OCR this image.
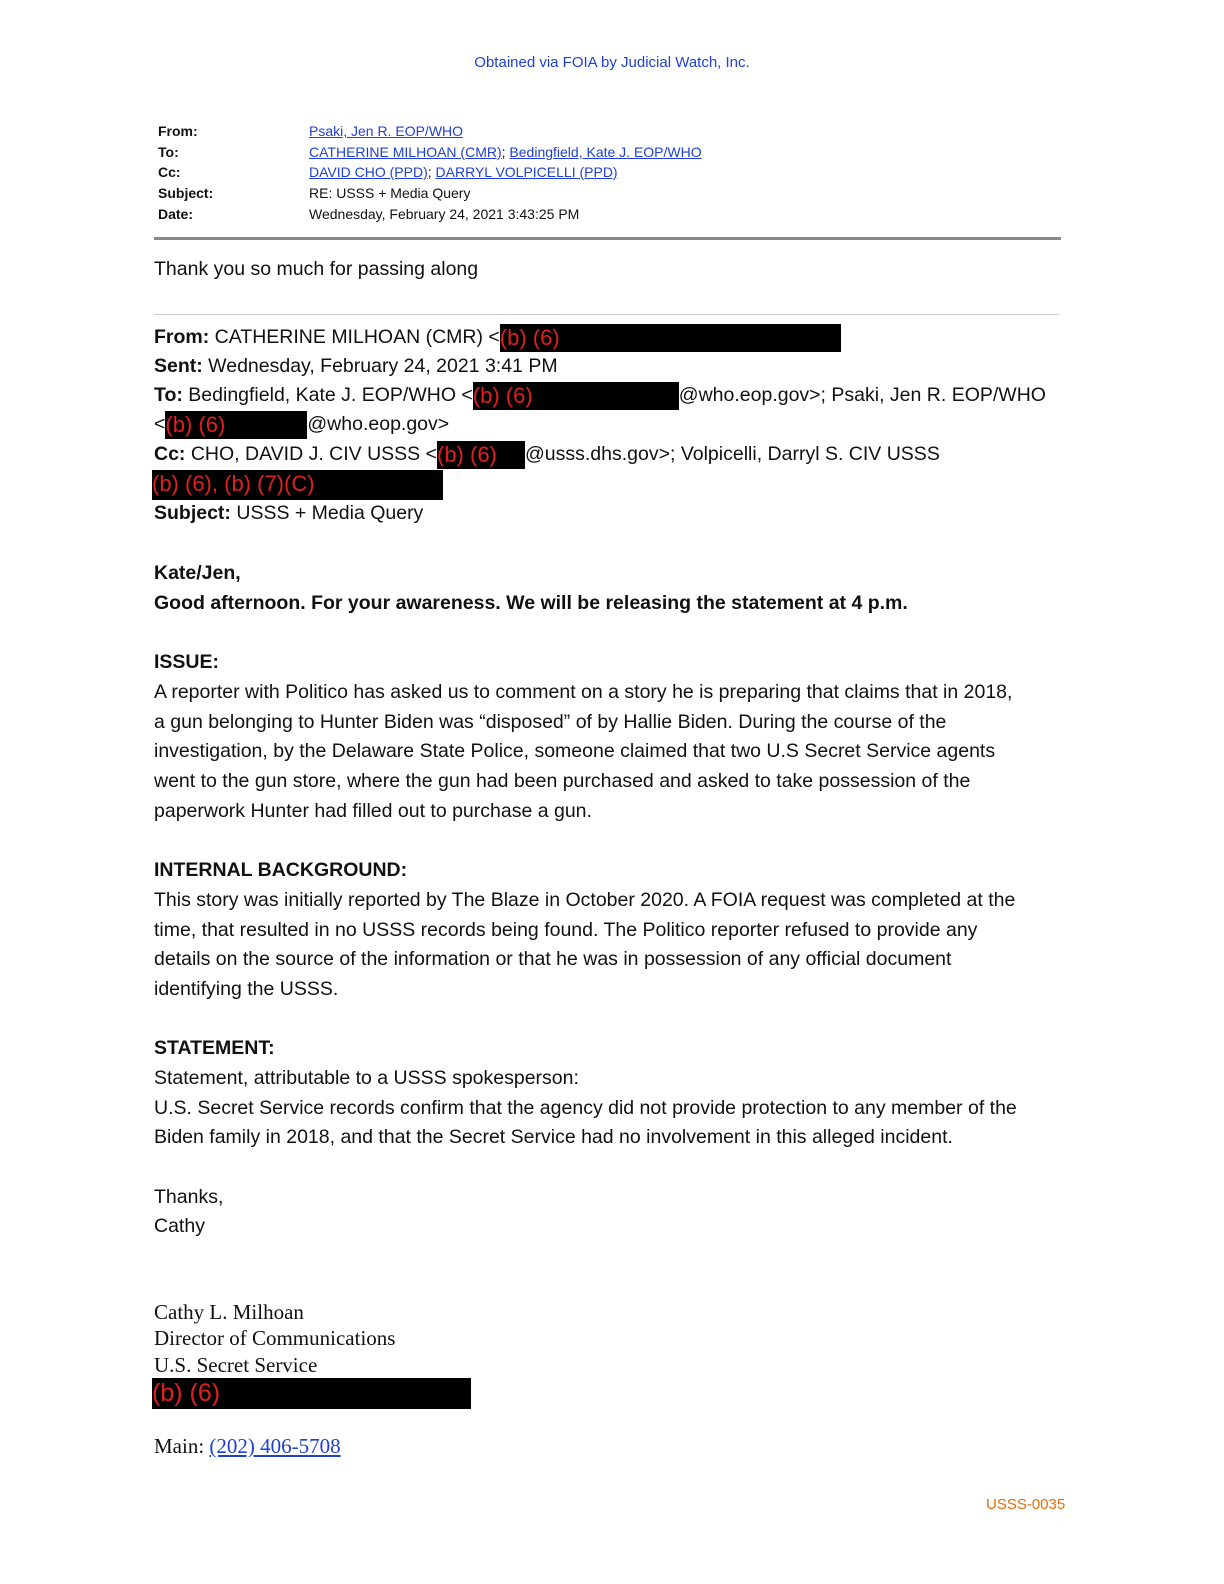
Obtained via FOIA by Judicial Watch, Inc.
From:
To:
Cc:
Subject:
Date:
Psaki, Jen R. EOP/WHO
CATHERINE MILHOAN (CMR); Bedingfield, Kate J. EOP/WHO
DAVID CHO (PPD); DARRYL VOLPICELLI (PPD)
RE: USSS + Media Query
Wednesday, February 24, 2021 3:43:25 PM
Thank you so much for passing along
From: CATHERINE MILHOAN (CMR) <(b) (6)
Sent: Wednesday, February 24, 2021 3:41 PM
To: Bedingfield, Kate J. EOP/WHO <(b) (6)	@who.eop.gov>; Psaki, Jen R. EOP/WHO
<(b) (6)	@who.eop.gov>
Cc: CHO, DAVID J. CIV USSS <(b) (6) @usss.dhs.gov>; Volpicelli, Darryl S. CIV USSS
(b) (6), (b) (7)(C)
Subject: USSS + Media Query
Kate/Jen,
Good afternoon. For your awareness. We will be releasing the statement at 4 p.m.
ISSUE:
A reporter with Politico has asked us to comment on a story he is preparing that claims that in 2018,
a gun belonging to Hunter Biden was “disposed” of by Hallie Biden. During the course of the
investigation, by the Delaware State Police, someone claimed that two U.S Secret Service agents
went to the gun store, where the gun had been purchased and asked to take possession of the
paperwork Hunter had filled out to purchase a gun.
INTERNAL BACKGROUND:
This story was initially reported by The Blaze in October 2020. A FOIA request was completed at the
time, that resulted in no USSS records being found. The Politico reporter refused to provide any
details on the source of the information or that he was in possession of any official document
identifying the USSS.
STATEMENT:
Statement, attributable to a USSS spokesperson:
U.S. Secret Service records confirm that the agency did not provide protection to any member of the
Biden family in 2018, and that the Secret Service had no involvement in this alleged incident.
Thanks,
Cathy
Cathy L. Milhoan
Director of Communications
U.S. Secret Service
(b) (6)
Main: (202) 406-5708
USSS-0035
